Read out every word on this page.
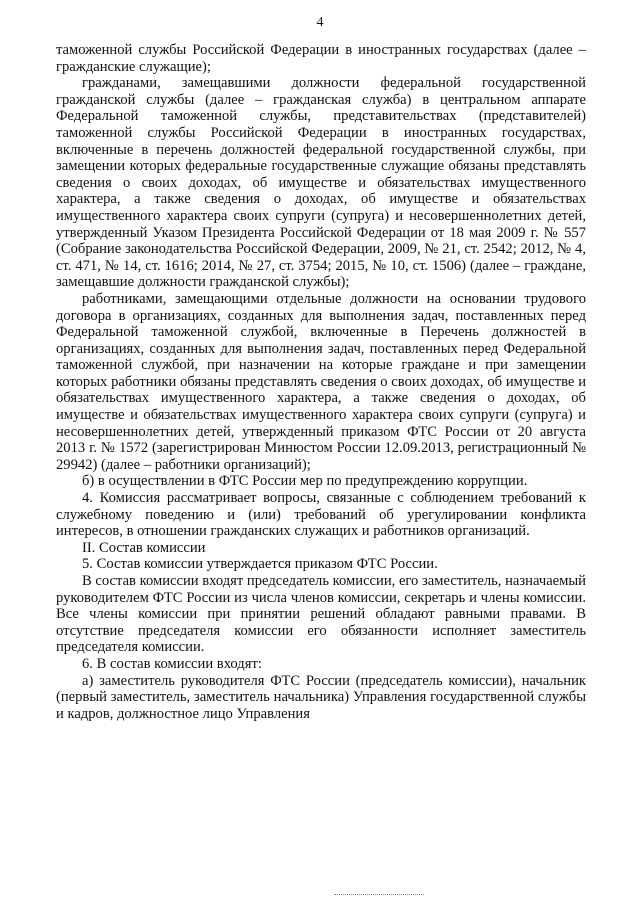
4

таможенной службы Российской Федерации в иностранных государствах (далее – гражданские служащие);

гражданами, замещавшими должности федеральной государственной гражданской службы (далее – гражданская служба) в центральном аппарате Федеральной таможенной службы, представительствах (представителей) таможенной службы Российской Федерации в иностранных государствах, включенные в перечень должностей федеральной государственной службы, при замещении которых федеральные государственные служащие обязаны представлять сведения о своих доходах, об имуществе и обязательствах имущественного характера, а также сведения о доходах, об имуществе и обязательствах имущественного характера своих супруги (супруга) и несовершеннолетних детей, утвержденный Указом Президента Российской Федерации от 18 мая 2009 г. № 557 (Собрание законодательства Российской Федерации, 2009, № 21, ст. 2542; 2012, № 4, ст. 471, № 14, ст. 1616; 2014, № 27, ст. 3754; 2015, № 10, ст. 1506) (далее – граждане, замещавшие должности гражданской службы);

работниками, замещающими отдельные должности на основании трудового договора в организациях, созданных для выполнения задач, поставленных перед Федеральной таможенной службой, включенные в Перечень должностей в организациях, созданных для выполнения задач, поставленных перед Федеральной таможенной службой, при назначении на которые граждане и при замещении которых работники обязаны представлять сведения о своих доходах, об имуществе и обязательствах имущественного характера, а также сведения о доходах, об имуществе и обязательствах имущественного характера своих супруги (супруга) и несовершеннолетних детей, утвержденный приказом ФТС России от 20 августа 2013 г. № 1572 (зарегистрирован Минюстом России 12.09.2013, регистрационный № 29942) (далее – работники организаций);

б) в осуществлении в ФТС России мер по предупреждению коррупции.

4. Комиссия рассматривает вопросы, связанные с соблюдением требований к служебному поведению и (или) требований об урегулировании конфликта интересов, в отношении гражданских служащих и работников организаций.

II. Состав комиссии

5. Состав комиссии утверждается приказом ФТС России.

В состав комиссии входят председатель комиссии, его заместитель, назначаемый руководителем ФТС России из числа членов комиссии, секретарь и члены комиссии. Все члены комиссии при принятии решений обладают равными правами. В отсутствие председателя комиссии его обязанности исполняет заместитель председателя комиссии.

6. В состав комиссии входят:

а) заместитель руководителя ФТС России (председатель комиссии), начальник (первый заместитель, заместитель начальника) Управления государственной службы и кадров, должностное лицо Управления
